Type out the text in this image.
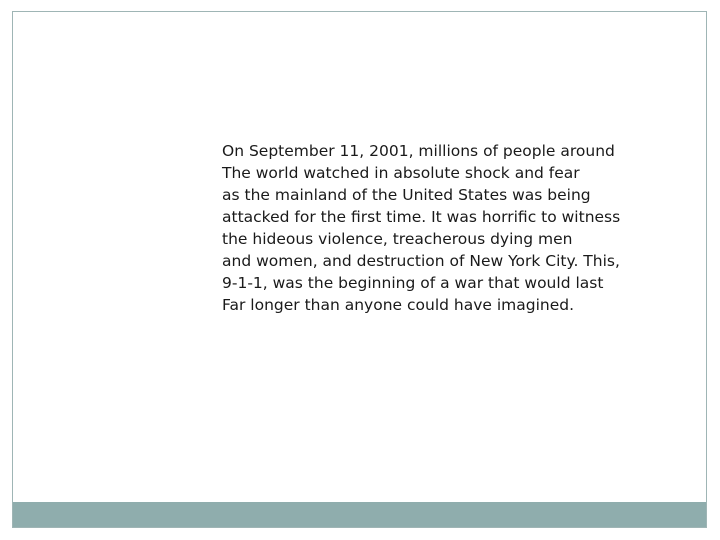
On September 11, 2001, millions of people around
The world watched in absolute shock and fear
as the mainland of the United States was being
attacked for the first time. It was horrific to witness
the hideous violence, treacherous dying men
and women, and destruction of New York City. This,
9-1-1, was the beginning of a war that would last
Far longer than anyone could have imagined.
